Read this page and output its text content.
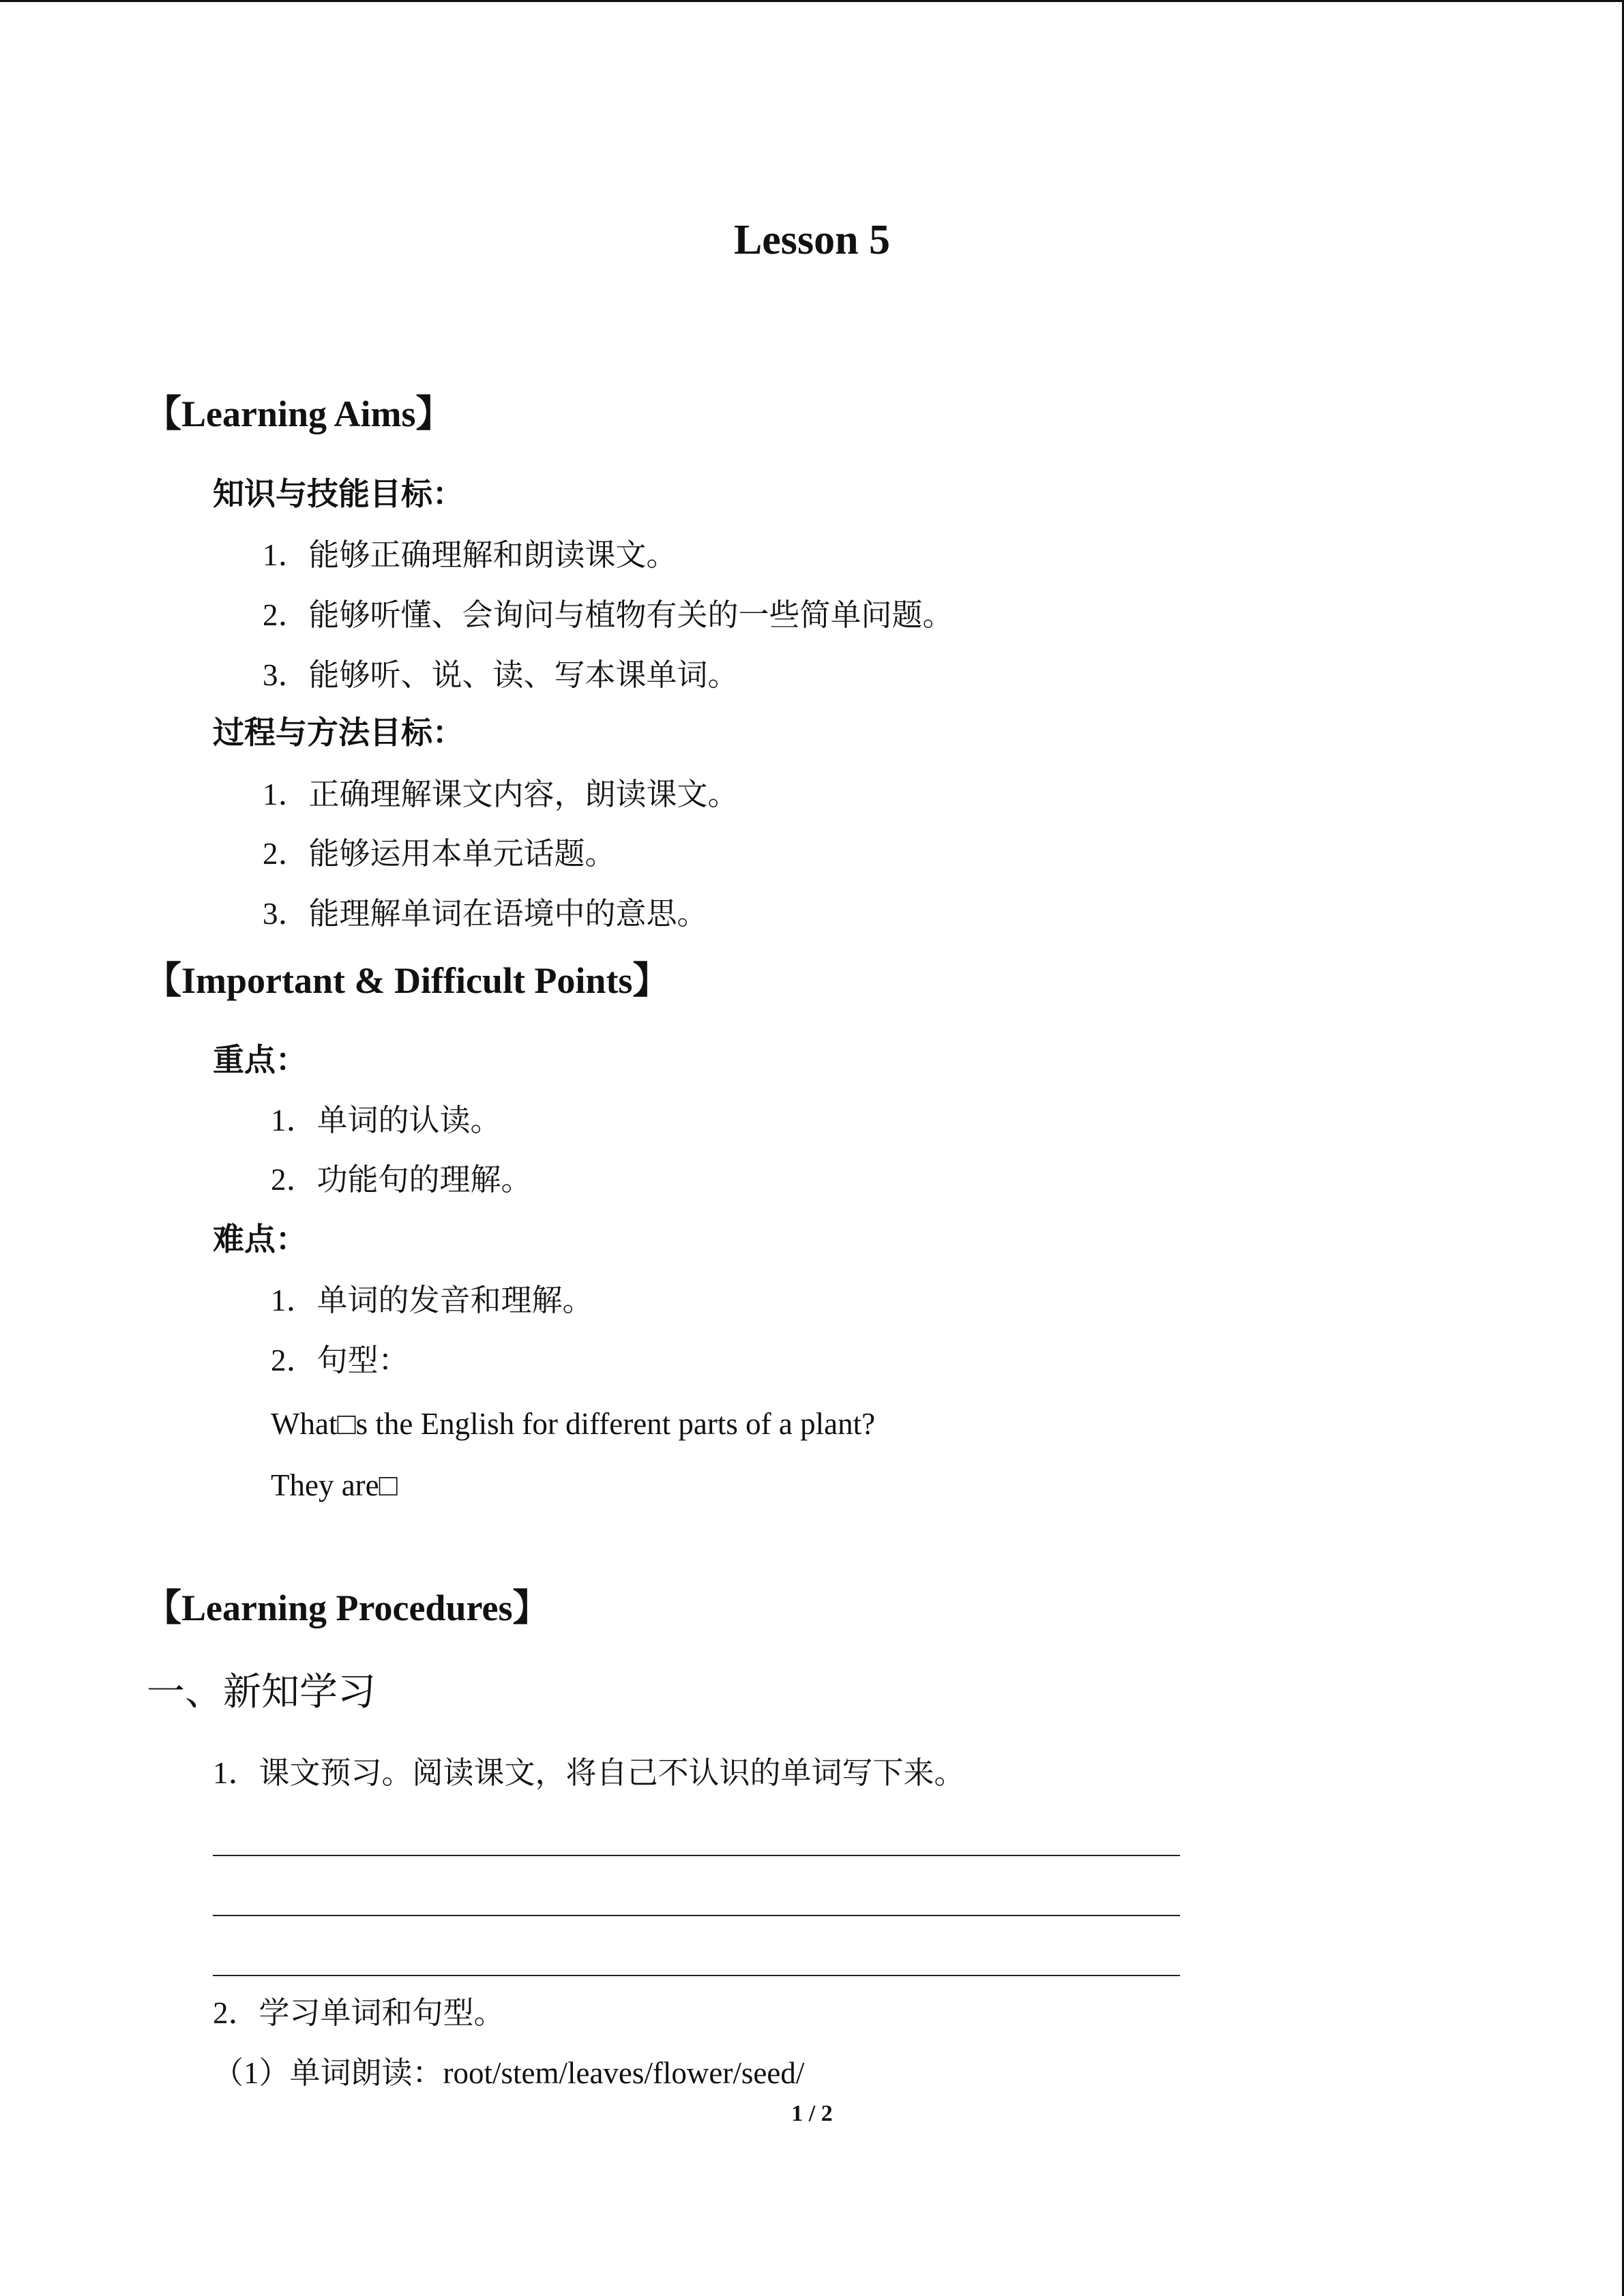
Lesson 5
【Learning Aims】
知识与技能目标：
1．能够正确理解和朗读课文。
2．能够听懂、会询问与植物有关的一些简单问题。
3．能够听、说、读、写本课单词。
过程与方法目标：
1．正确理解课文内容，朗读课文。
2．能够运用本单元话题。
3．能理解单词在语境中的意思。
【Important & Difficult Points】
重点：
1．单词的认读。
2．功能句的理解。
难点：
1．单词的发音和理解。
2．句型：
What□s the English for different parts of a plant?
They are□
【Learning Procedures】
一、新知学习
1．课文预习。阅读课文，将自己不认识的单词写下来。
2．学习单词和句型。
（1）单词朗读：root/stem/leaves/flower/seed/
1 / 2
